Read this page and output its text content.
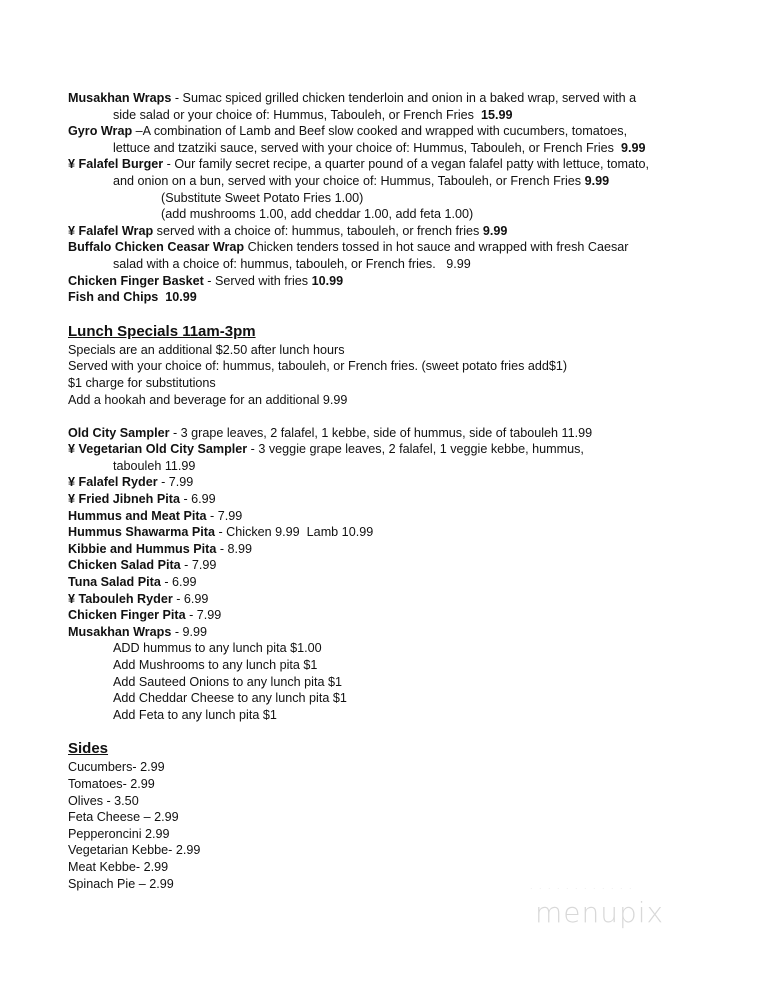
Musakhan Wraps - Sumac spiced grilled chicken tenderloin and onion in a baked wrap, served with a
side salad or your choice of: Hummus, Tabouleh, or French Fries  15.99
Gyro Wrap –A combination of Lamb and Beef slow cooked and wrapped with cucumbers, tomatoes,
lettuce and tzatziki sauce, served with your choice of: Hummus, Tabouleh, or French Fries  9.99
¥ Falafel Burger - Our family secret recipe, a quarter pound of a vegan falafel patty with lettuce, tomato,
and onion on a bun, served with your choice of: Hummus, Tabouleh, or French Fries 9.99
(Substitute Sweet Potato Fries 1.00)
(add mushrooms 1.00, add cheddar 1.00, add feta 1.00)
¥ Falafel Wrap served with a choice of: hummus, tabouleh, or french fries 9.99
Buffalo Chicken Ceasar Wrap Chicken tenders tossed in hot sauce and wrapped with fresh Caesar
salad with a choice of: hummus, tabouleh, or French fries.   9.99
Chicken Finger Basket - Served with fries 10.99
Fish and Chips  10.99
Lunch Specials 11am-3pm
Specials are an additional $2.50 after lunch hours
Served with your choice of: hummus, tabouleh, or French fries. (sweet potato fries add$1)
$1 charge for substitutions
Add a hookah and beverage for an additional 9.99
Old City Sampler - 3 grape leaves, 2 falafel, 1 kebbe, side of hummus, side of tabouleh 11.99
¥ Vegetarian Old City Sampler - 3 veggie grape leaves, 2 falafel, 1 veggie kebbe, hummus,
tabouleh 11.99
¥ Falafel Ryder - 7.99
¥ Fried Jibneh Pita - 6.99
Hummus and Meat Pita - 7.99
Hummus Shawarma Pita - Chicken 9.99  Lamb 10.99
Kibbie and Hummus Pita - 8.99
Chicken Salad Pita - 7.99
Tuna Salad Pita - 6.99
¥ Tabouleh Ryder - 6.99
Chicken Finger Pita - 7.99
Musakhan Wraps - 9.99
ADD hummus to any lunch pita $1.00
Add Mushrooms to any lunch pita $1
Add Sauteed Onions to any lunch pita $1
Add Cheddar Cheese to any lunch pita $1
Add Feta to any lunch pita $1
Sides
Cucumbers- 2.99
Tomatoes- 2.99
Olives - 3.50
Feta Cheese – 2.99
Pepperoncini 2.99
Vegetarian Kebbe- 2.99
Meat Kebbe- 2.99
Spinach Pie – 2.99	. . . . . . . . . . . .
menupix
